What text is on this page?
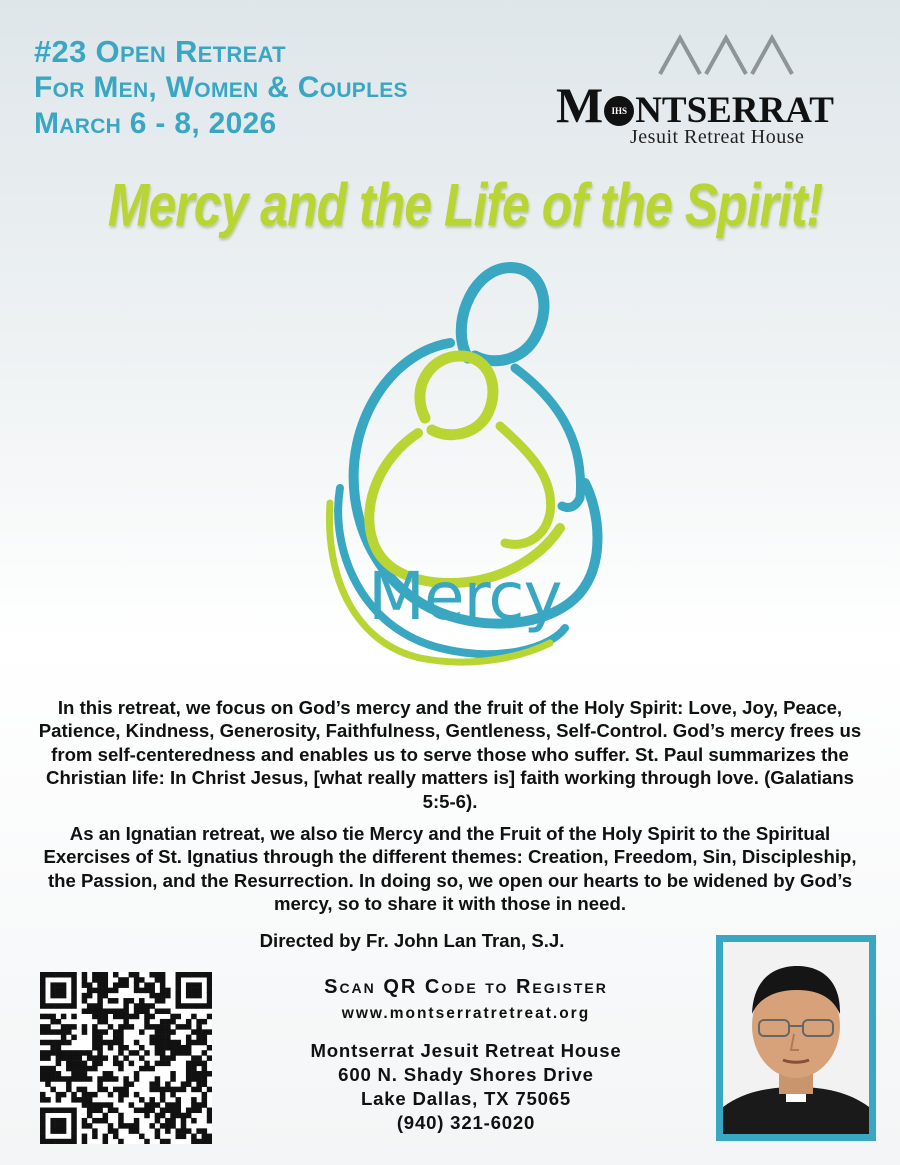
#23 Open Retreat
For Men, Women & Couples
March 6 - 8, 2026	M IHS NTSERRAT
Jesuit Retreat House
Mercy and the Life of the Spirit!
Mercy
In this retreat, we focus on God’s mercy and the fruit of the Holy Spirit: Love, Joy, Peace, Patience, Kindness, Generosity, Faithfulness, Gentleness, Self-Control. God’s mercy frees us from self-centeredness and enables us to serve those who suffer. St. Paul summarizes the Christian life: In Christ Jesus, [what really matters is] faith working through love. (Galatians 5:5-6).
As an Ignatian retreat, we also tie Mercy and the Fruit of the Holy Spirit to the Spiritual Exercises of St. Ignatius through the different themes: Creation, Freedom, Sin, Discipleship, the Passion, and the Resurrection. In doing so, we open our hearts to be widened by God’s mercy, so to share it with those in need.
Directed by Fr. John Lan Tran, S.J.
Scan QR Code to Register
www.montserratretreat.org
Montserrat Jesuit Retreat House
600 N. Shady Shores Drive
Lake Dallas, TX 75065
(940) 321-6020
